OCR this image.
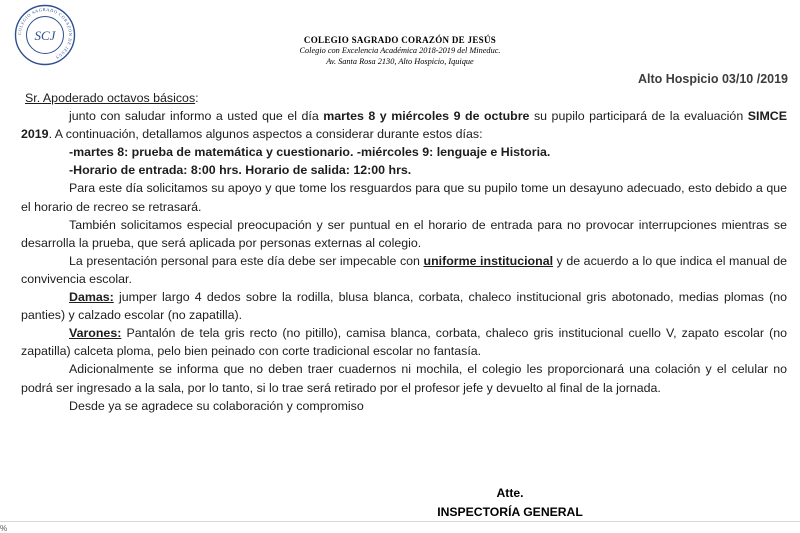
COLEGIO SAGRADO CORAZÓN DE JESÚS
SCJ	COLEGIO SAGRADO CORAZÓN DE JESÚS
Colegio con Excelencia Académica 2018-2019 del Mineduc.
Av. Santa Rosa 2130, Alto Hospicio, Iquique
Alto Hospicio 03/10 /2019

Sr. Apoderado octavos básicos:

junto con saludar informo a usted que el día martes 8 y miércoles 9 de octubre su pupilo participará de la evaluación SIMCE 2019. A continuación, detallamos algunos aspectos a considerar durante estos días:

-martes 8: prueba de matemática y cuestionario. -miércoles 9: lenguaje e Historia.

-Horario de entrada: 8:00 hrs. Horario de salida: 12:00 hrs.

Para este día solicitamos su apoyo y que tome los resguardos para que su pupilo tome un desayuno adecuado, esto debido a que el horario de recreo se retrasará.

También solicitamos especial preocupación y ser puntual en el horario de entrada para no provocar interrupciones mientras se desarrolla la prueba, que será aplicada por personas externas al colegio.

La presentación personal para este día debe ser impecable con uniforme institucional y de acuerdo a lo que indica el manual de convivencia escolar.

Damas: jumper largo 4 dedos sobre la rodilla, blusa blanca, corbata, chaleco institucional gris abotonado, medias plomas (no panties) y calzado escolar (no zapatilla).

Varones: Pantalón de tela gris recto (no pitillo), camisa blanca, corbata, chaleco gris institucional cuello V, zapato escolar (no zapatilla) calceta ploma, pelo bien peinado con corte tradicional escolar no fantasía.

Adicionalmente se informa que no deben traer cuadernos ni mochila, el colegio les proporcionará una colación y el celular no podrá ser ingresado a la sala, por lo tanto, si lo trae será retirado por el profesor jefe y devuelto al final de la jornada.

Desde ya se agradece su colaboración y compromiso

Atte.
INSPECTORÍA GENERAL
%
